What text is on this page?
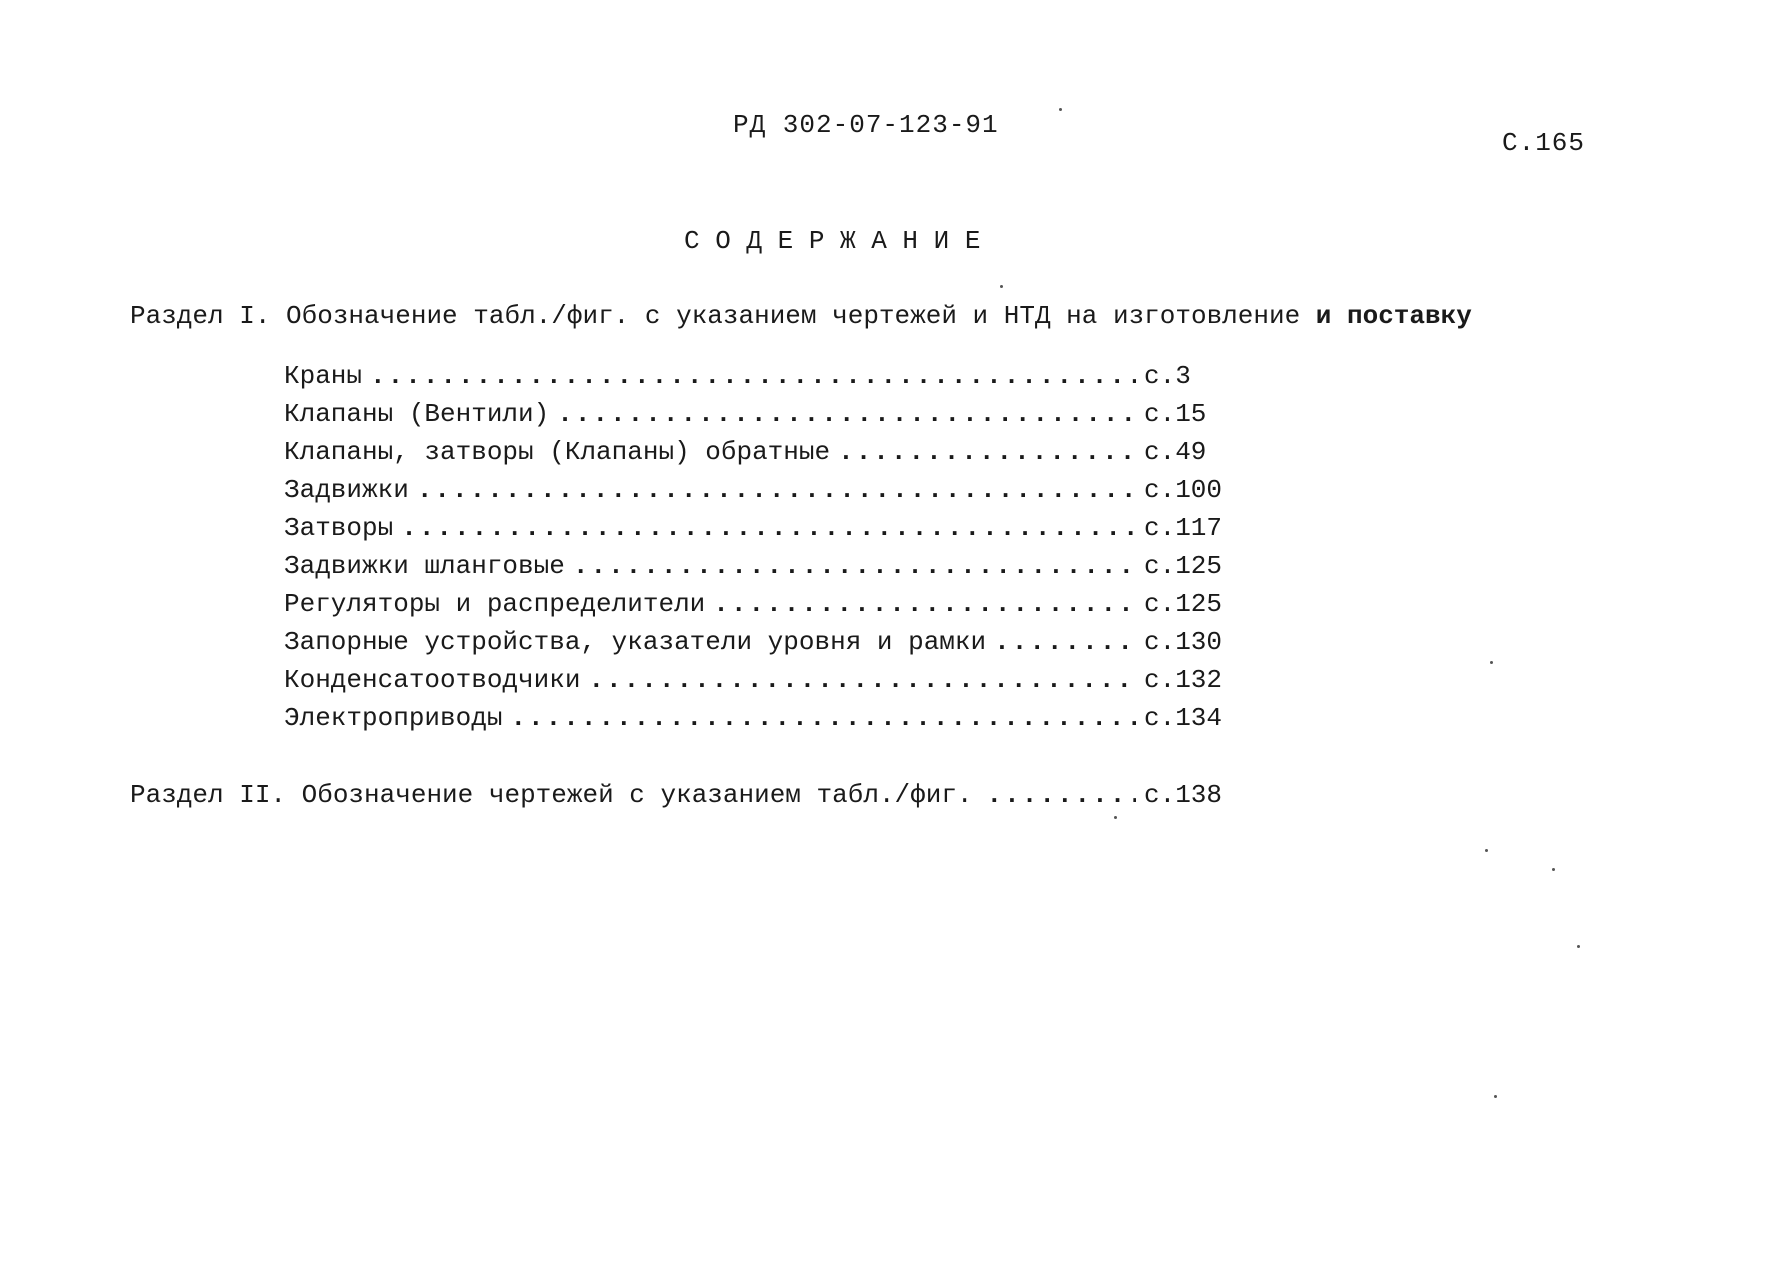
РД 302-07-123-91
С.165
С О Д Е Р Ж А Н И Е
Раздел I. Обозначение табл./фиг. с указанием чертежей и НТД на изготовление и поставку
Краны .....	с.3
Клапаны (Вентили) .....	с.15
Клапаны, затворы (Клапаны) обратные .....	с.49
Задвижки .....	с.100
Затворы .....	с.117
Задвижки шланговые .....	с.125
Регуляторы и распределители .....	с.125
Запорные устройства, указатели уровня и рамки .....	с.130
Конденсатоотводчики .....	с.132
Электроприводы .....	с.134
Раздел II. Обозначение чертежей с указанием табл./фиг. .....	с.138
